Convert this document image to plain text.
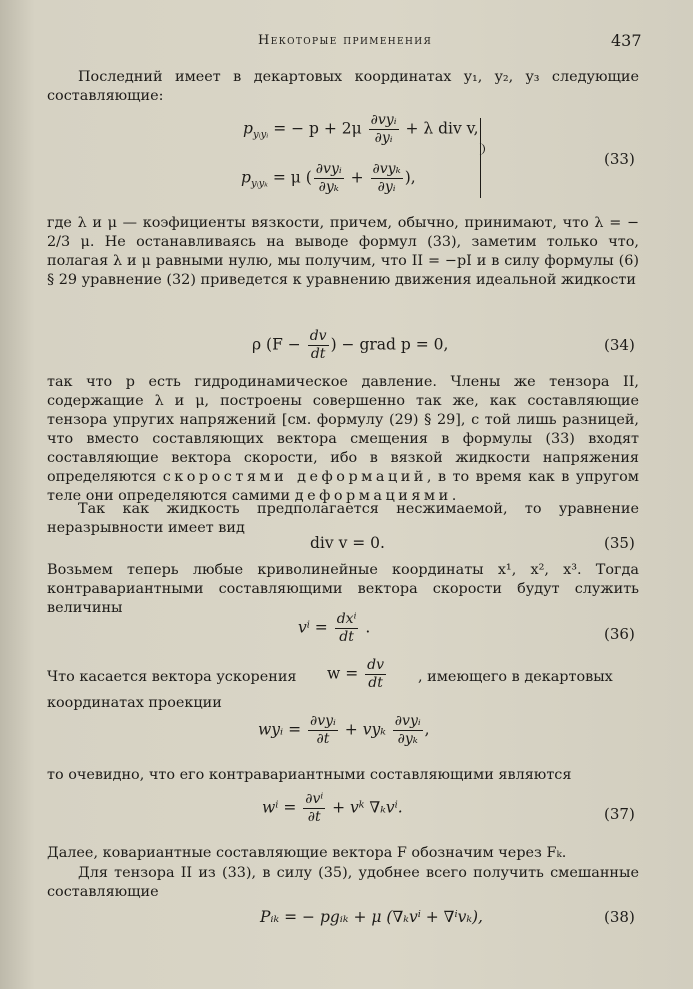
Некоторые применения	437
Последний имеет в декартовых координатах y₁, y₂, y₃ следующие составляющие:
$p_{yᵢyᵢ}$ = − $p + 2\mu \frac{\text{∂vyᵢ}}{\text{∂yᵢ}} + \lambda$ div v,
$p_{yᵢy_k} = \mu$ ( $\frac{\text{∂vyᵢ}}{\text{∂yₖ}} + \frac{\text{∂vyₖ}}{\text{∂yᵢ}}$ ),
(33)
где λ и μ — коэфициенты вязкости, причем, обычно, принимают, что λ = − 2/3 μ. Не останавливаясь на выводе формул (33), заметим только что, полагая λ и μ равными нулю, мы получим, что II = −pI и в силу формулы (6) § 29 уравнение (32) приведется к уравнению движения идеальной жидкости
ρ ($F - \frac{dv}{dt}$ ) − grad p = 0,	(34)
так что p есть гидродинамическое давление. Члены же тензора II, содержащие λ и μ, построены совершенно так же, как составляющие тензора упругих напряжений [см. формулу (29) § 29], с той лишь разницей, что вместо составляющих вектора смещения в формулы (33) входят составляющие вектора скорости, ибо в вязкой жидкости напряжения определяются скоростями деформаций, в то время как в упругом теле они определяются самими деформациями.
Так как жидкость предполагается несжимаемой, то уравнение неразрывности имеет вид
div v = 0.	(35)
Возьмем теперь любые криволинейные координаты x¹, x², x³. Тогда контравариантными составляющими вектора скорости будут служить величины
$v^i = \frac{\text{dxⁱ}}{dt}$ .	(36)
Что касается вектора ускорения	$w = \frac{dv}{dt}$ , имеющего в декартовых
координатах проекции
wyᵢ = $\frac{\text{∂vyᵢ}}{\partial t} + vy_k \frac{\text{∂vyᵢ}}{\text{∂yₖ}}$ ,
то очевидно, что его контравариантными составляющими являются
$w^i = \frac{\text{∂vⁱ}}{\partial t}$ + vᵏ ∇ₖvⁱ.	(37)
Далее, ковариантные составляющие вектора F обозначим через Fₖ.
Для тензора II из (33), в силу (35), удобнее всего получить смешанные составляющие
Pᵢₖ = − pgᵢₖ + μ (∇ₖvⁱ + ∇ⁱvₖ),	(38)
